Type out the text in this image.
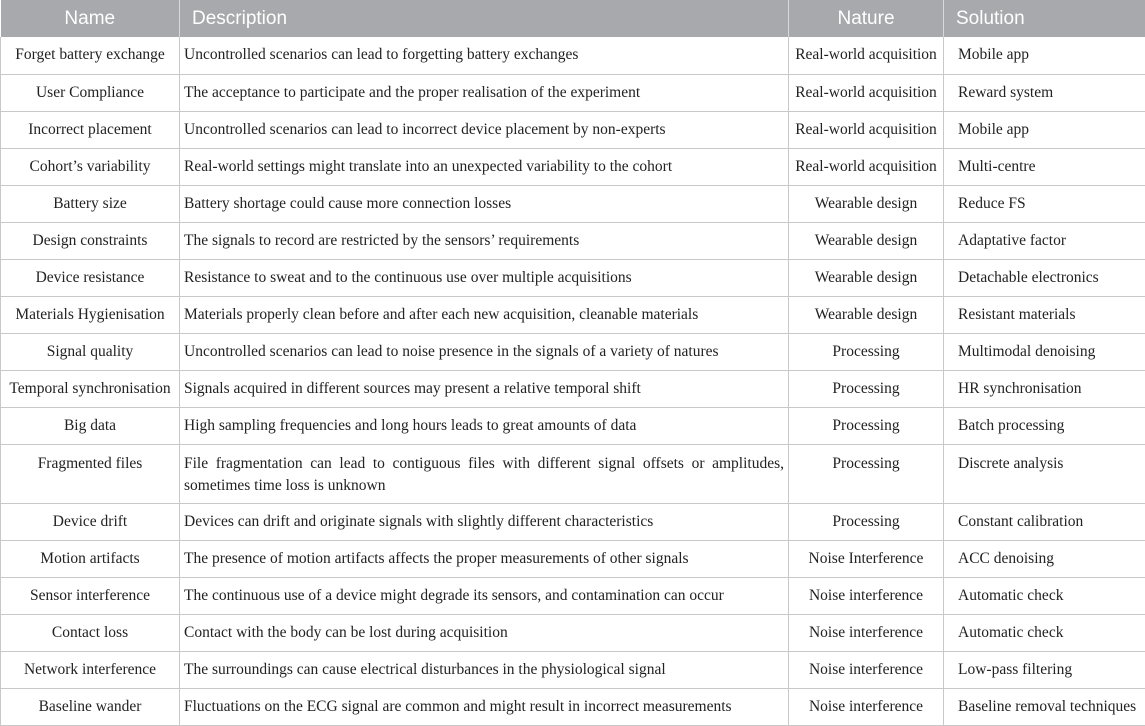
Name	Description	Nature	Solution
Forget battery exchange	Uncontrolled scenarios can lead to forgetting battery exchanges	Real-world acquisition	Mobile app
User Compliance	The acceptance to participate and the proper realisation of the experiment	Real-world acquisition	Reward system
Incorrect placement	Uncontrolled scenarios can lead to incorrect device placement by non-experts	Real-world acquisition	Mobile app
Cohort’s variability	Real-world settings might translate into an unexpected variability to the cohort	Real-world acquisition	Multi-centre
Battery size	Battery shortage could cause more connection losses	Wearable design	Reduce FS
Design constraints	The signals to record are restricted by the sensors’ requirements	Wearable design	Adaptative factor
Device resistance	Resistance to sweat and to the continuous use over multiple acquisitions	Wearable design	Detachable electronics
Materials Hygienisation	Materials properly clean before and after each new acquisition, cleanable materials	Wearable design	Resistant materials
Signal quality	Uncontrolled scenarios can lead to noise presence in the signals of a variety of natures	Processing	Multimodal denoising
Temporal synchronisation	Signals acquired in different sources may present a relative temporal shift	Processing	HR synchronisation
Big data	High sampling frequencies and long hours leads to great amounts of data	Processing	Batch processing
Fragmented files	File fragmentation can lead to contiguous files with different signal offsets or amplitudes, sometimes time loss is unknown	Processing	Discrete analysis
Device drift	Devices can drift and originate signals with slightly different characteristics	Processing	Constant calibration
Motion artifacts	The presence of motion artifacts affects the proper measurements of other signals	Noise Interference	ACC denoising
Sensor interference	The continuous use of a device might degrade its sensors, and contamination can occur	Noise interference	Automatic check
Contact loss	Contact with the body can be lost during acquisition	Noise interference	Automatic check
Network interference	The surroundings can cause electrical disturbances in the physiological signal	Noise interference	Low-pass filtering
Baseline wander	Fluctuations on the ECG signal are common and might result in incorrect measurements	Noise interference	Baseline removal techniques
